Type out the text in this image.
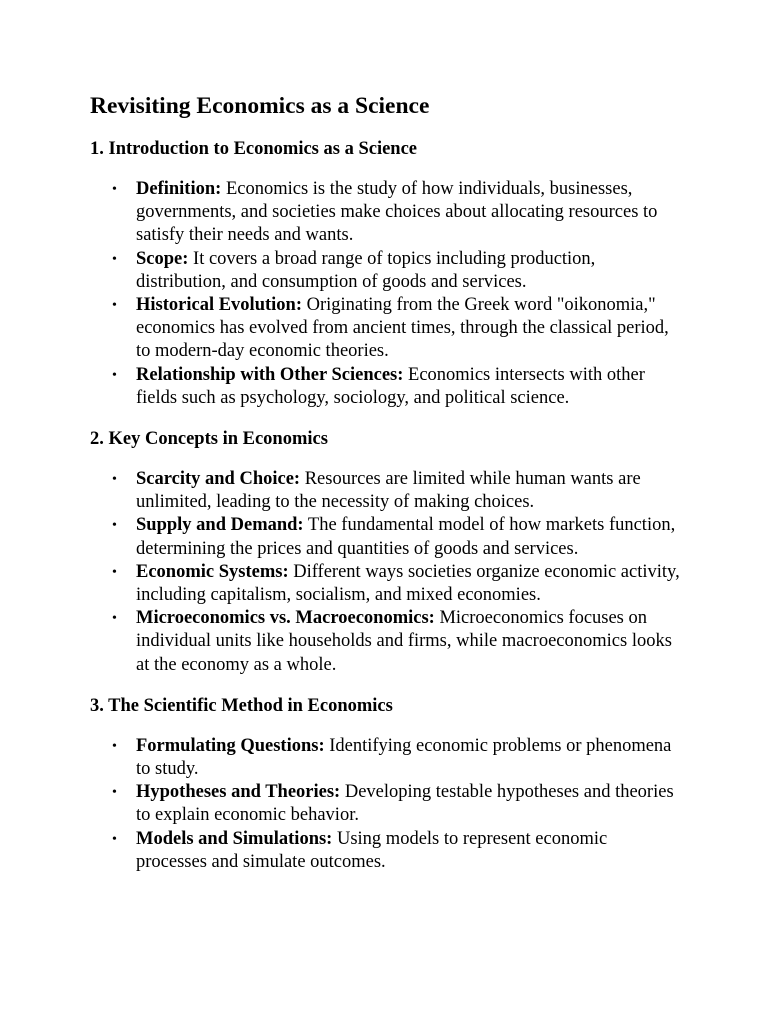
Revisiting Economics as a Science
1. Introduction to Economics as a Science
• Definition: Economics is the study of how individuals, businesses, governments, and societies make choices about allocating resources to satisfy their needs and wants.
• Scope: It covers a broad range of topics including production, distribution, and consumption of goods and services.
• Historical Evolution: Originating from the Greek word "oikonomia," economics has evolved from ancient times, through the classical period, to modern-day economic theories.
• Relationship with Other Sciences: Economics intersects with other fields such as psychology, sociology, and political science.
2. Key Concepts in Economics
• Scarcity and Choice: Resources are limited while human wants are unlimited, leading to the necessity of making choices.
• Supply and Demand: The fundamental model of how markets function, determining the prices and quantities of goods and services.
• Economic Systems: Different ways societies organize economic activity, including capitalism, socialism, and mixed economies.
• Microeconomics vs. Macroeconomics: Microeconomics focuses on individual units like households and firms, while macroeconomics looks at the economy as a whole.
3. The Scientific Method in Economics
• Formulating Questions: Identifying economic problems or phenomena to study.
• Hypotheses and Theories: Developing testable hypotheses and theories to explain economic behavior.
• Models and Simulations: Using models to represent economic processes and simulate outcomes.
